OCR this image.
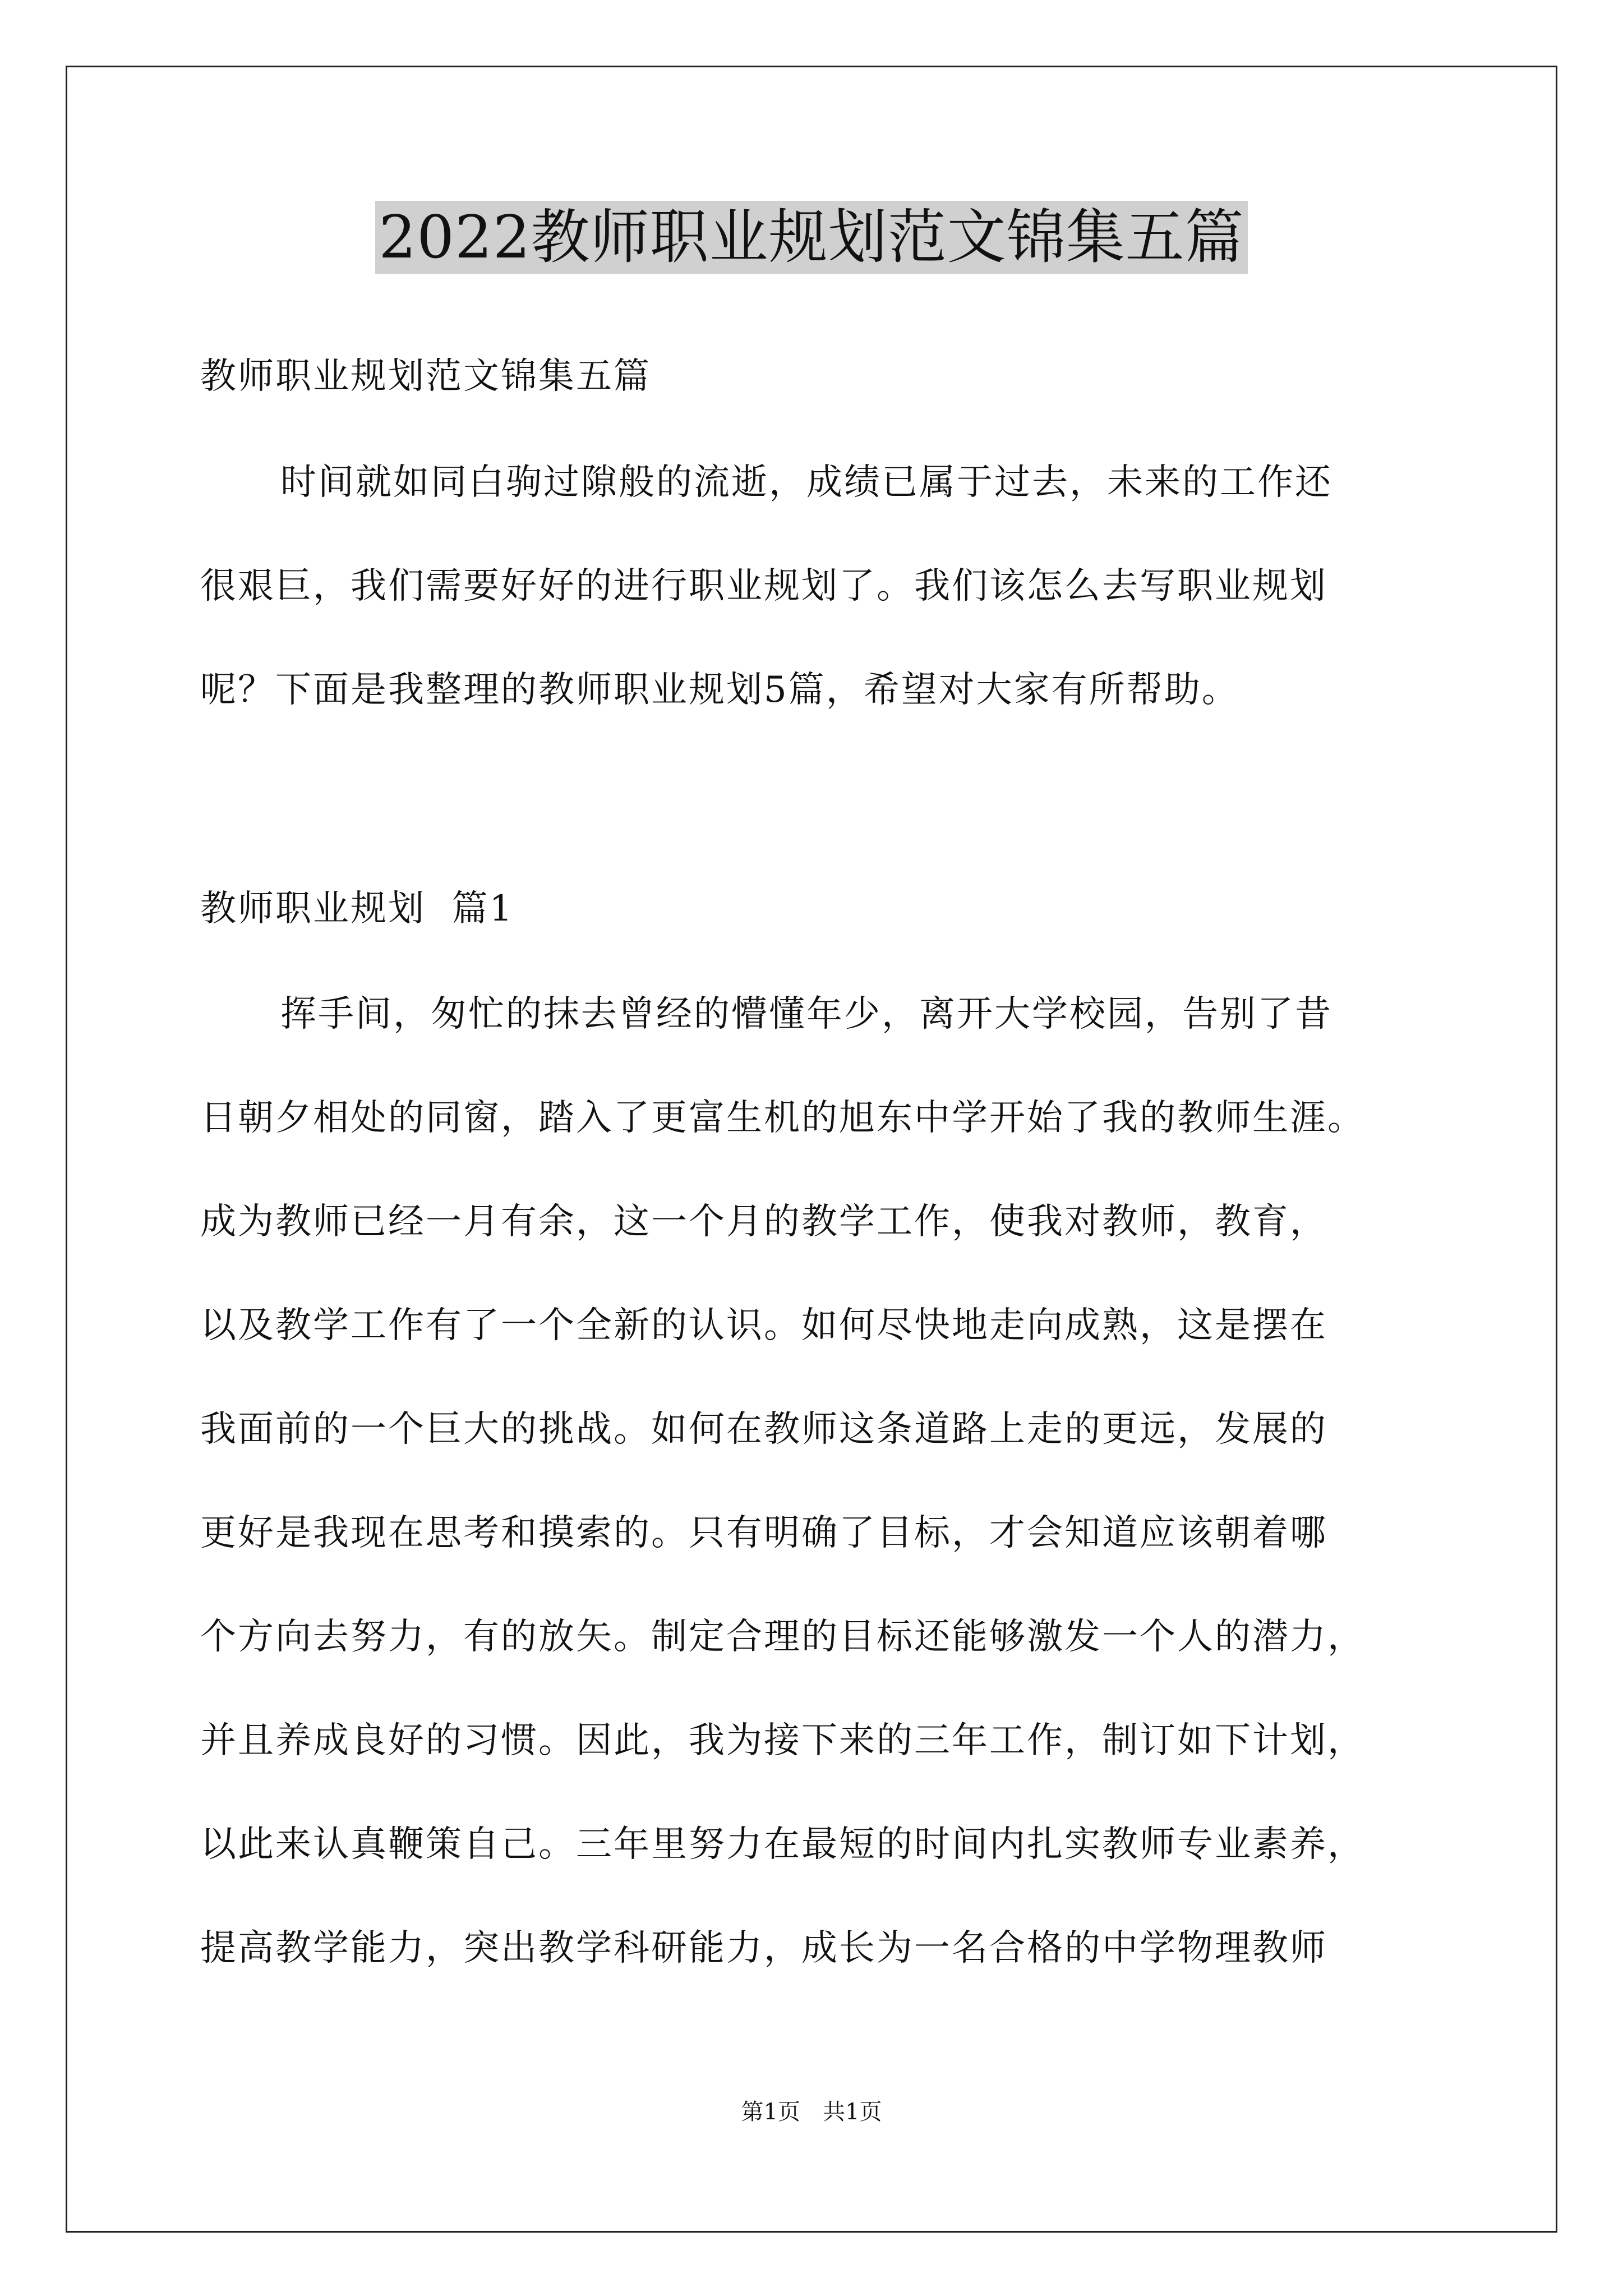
2022教师职业规划范文锦集五篇
教师职业规划范文锦集五篇
时间就如同白驹过隙般的流逝，成绩已属于过去，未来的工作还
很艰巨，我们需要好好的进行职业规划了。我们该怎么去写职业规划
呢？下面是我整理的教师职业规划5篇，希望对大家有所帮助。
教师职业规划  篇1
挥手间，匆忙的抹去曾经的懵懂年少，离开大学校园，告别了昔
日朝夕相处的同窗，踏入了更富生机的旭东中学开始了我的教师生涯。
成为教师已经一月有余，这一个月的教学工作，使我对教师，教育，
以及教学工作有了一个全新的认识。如何尽快地走向成熟，这是摆在
我面前的一个巨大的挑战。如何在教师这条道路上走的更远，发展的
更好是我现在思考和摸索的。只有明确了目标，才会知道应该朝着哪
个方向去努力，有的放矢。制定合理的目标还能够激发一个人的潜力，
并且养成良好的习惯。因此，我为接下来的三年工作，制订如下计划，
以此来认真鞭策自己。三年里努力在最短的时间内扎实教师专业素养，
提高教学能力，突出教学科研能力，成长为一名合格的中学物理教师
第1页 共1页
